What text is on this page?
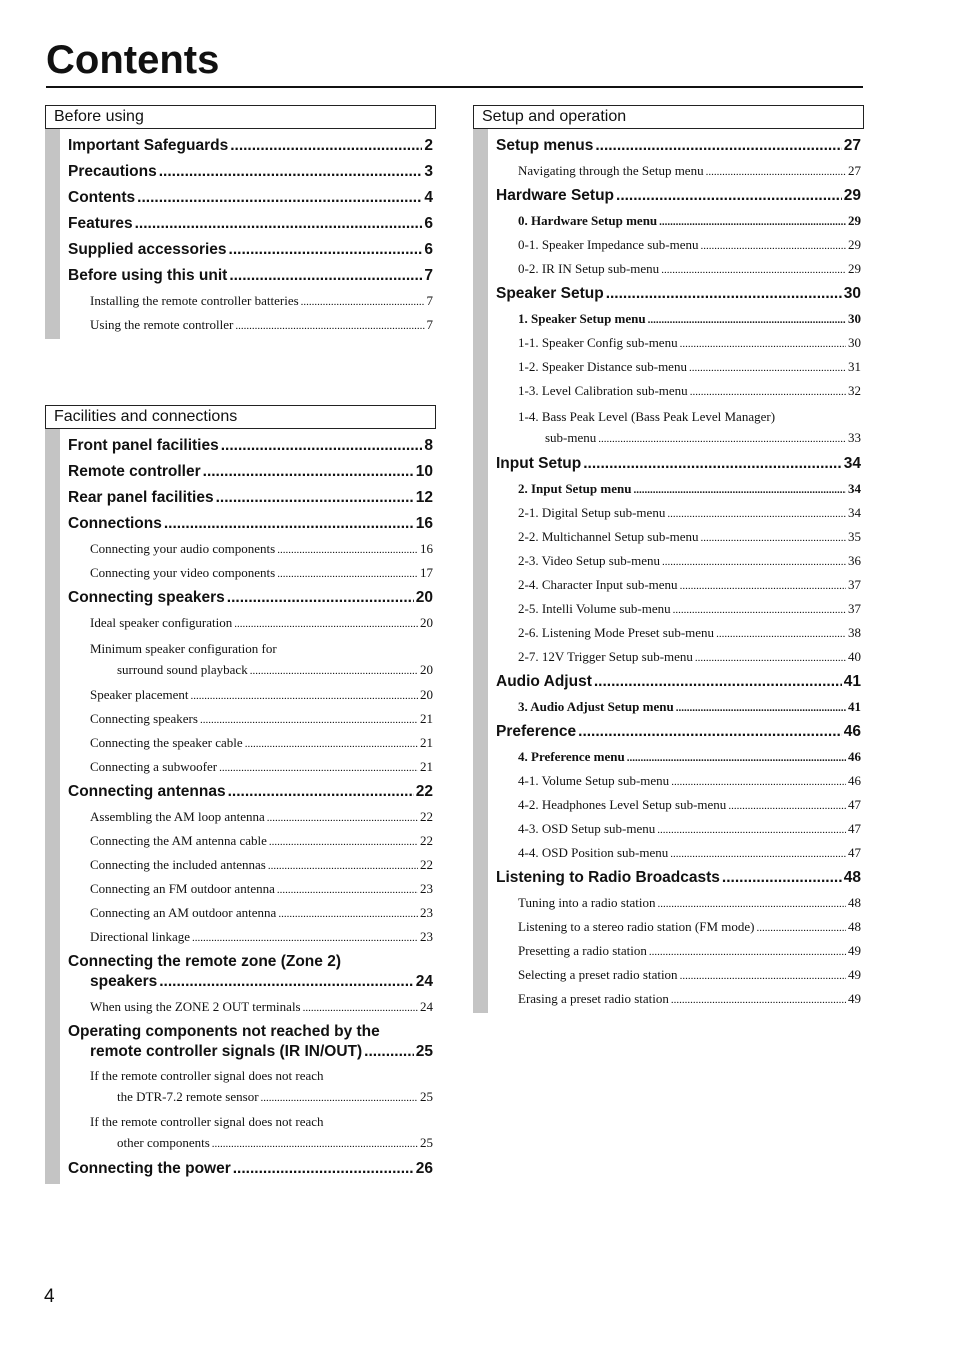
Contents
Before using
Important Safeguards .....	2
Precautions .....	3
Contents .....	4
Features .....	6
Supplied accessories .....	6
Before using this unit .....	7
Installing the remote controller batteries .....	7
Using the remote controller .....	7
Facilities and connections
Front panel facilities .....	8
Remote controller .....	10
Rear panel facilities .....	12
Connections .....	16
Connecting your audio components .....	16
Connecting your video components .....	17
Connecting speakers .....	20
Ideal speaker configuration .....	20
Minimum speaker configuration for
surround sound playback .....	20
Speaker placement .....	20
Connecting speakers .....	21
Connecting the speaker cable .....	21
Connecting a subwoofer .....	21
Connecting antennas .....	22
Assembling the AM loop antenna .....	22
Connecting the AM antenna cable .....	22
Connecting the included antennas .....	22
Connecting an FM outdoor antenna .....	23
Connecting an AM outdoor antenna .....	23
Directional linkage .....	23
Connecting the remote zone (Zone 2)
speakers .....	24
When using the ZONE 2 OUT terminals .....	24
Operating components not reached by the
remote controller signals (IR IN/OUT) .....	25
If the remote controller signal does not reach
the DTR-7.2 remote sensor .....	25
If the remote controller signal does not reach
other components .....	25
Connecting the power .....	26
Setup and operation
Setup menus .....	27
Navigating through the Setup menu .....	27
Hardware Setup .....	29
0. Hardware Setup menu .....	29
0-1. Speaker Impedance sub-menu .....	29
0-2. IR IN Setup sub-menu .....	29
Speaker Setup .....	30
1. Speaker Setup menu .....	30
1-1. Speaker Config sub-menu .....	30
1-2. Speaker Distance sub-menu .....	31
1-3. Level Calibration sub-menu .....	32
1-4. Bass Peak Level (Bass Peak Level Manager)
sub-menu .....	33
Input Setup .....	34
2. Input Setup menu .....	34
2-1. Digital Setup sub-menu .....	34
2-2. Multichannel Setup sub-menu .....	35
2-3. Video Setup sub-menu .....	36
2-4. Character Input sub-menu .....	37
2-5. Intelli Volume sub-menu .....	37
2-6. Listening Mode Preset sub-menu .....	38
2-7. 12V Trigger Setup sub-menu .....	40
Audio Adjust .....	41
3. Audio Adjust Setup menu .....	41
Preference .....	46
4. Preference menu .....	46
4-1. Volume Setup sub-menu .....	46
4-2. Headphones Level Setup sub-menu .....	47
4-3. OSD Setup sub-menu .....	47
4-4. OSD Position sub-menu .....	47
Listening to Radio Broadcasts .....	48
Tuning into a radio station .....	48
Listening to a stereo radio station (FM mode) .....	48
Presetting a radio station .....	49
Selecting a preset radio station .....	49
Erasing a preset radio station .....	49
4
